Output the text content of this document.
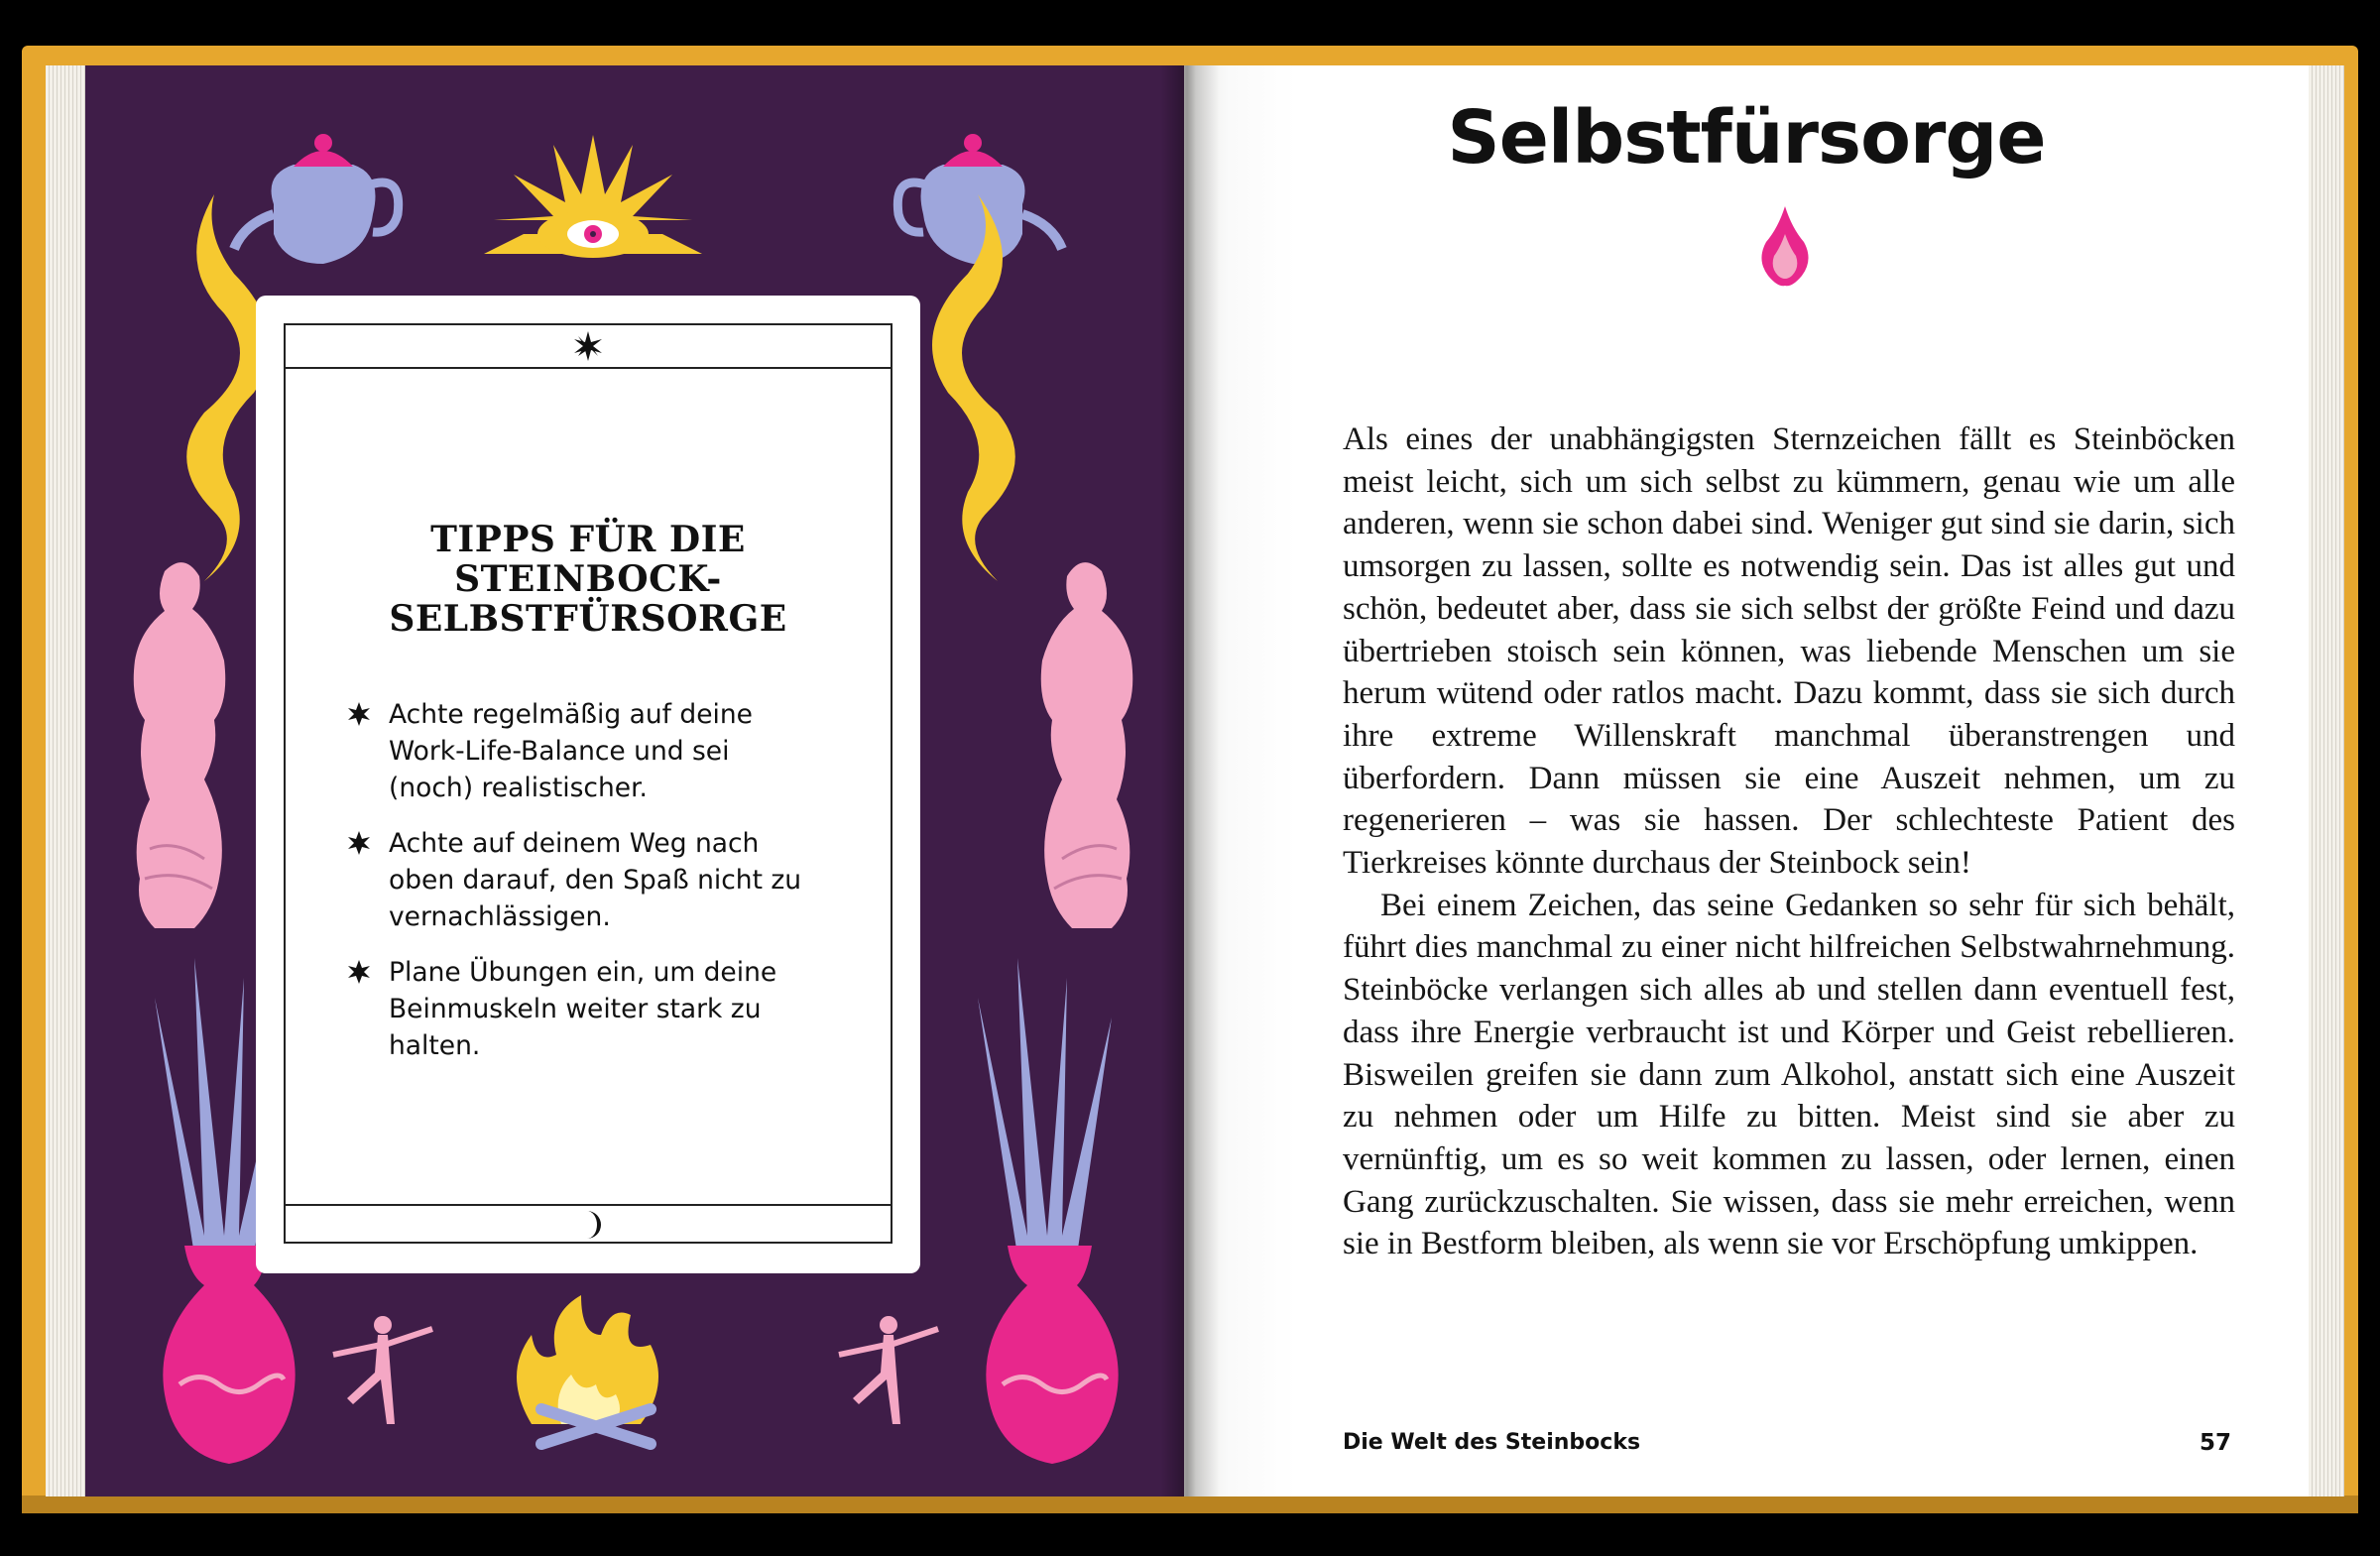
TIPPS FÜR DIE STEINBOCK-SELBSTFÜRSORGE
Achte regelmäßig auf deine Work-Life-Balance und sei (noch) realistischer.
Achte auf deinem Weg nach oben darauf, den Spaß nicht zu vernachlässigen.
Plane Übungen ein, um deine Beinmuskeln weiter stark zu halten.
Selbstfürsorge

Als eines der unabhängigsten Sternzeichen fällt es Steinböcken meist leicht, sich um sich selbst zu kümmern, genau wie um alle anderen, wenn sie schon dabei sind. Weniger gut sind sie darin, sich umsorgen zu lassen, sollte es notwendig sein. Das ist alles gut und schön, bedeutet aber, dass sie sich selbst der größte Feind und dazu übertrieben stoisch sein können, was liebende Menschen um sie herum wütend oder ratlos macht. Dazu kommt, dass sie sich durch ihre extreme Willenskraft manchmal überanstrengen und überfordern. Dann müssen sie eine Auszeit nehmen, um zu regenerieren – was sie hassen. Der schlechteste Patient des Tierkreises könnte durchaus der Steinbock sein!

Bei einem Zeichen, das seine Gedanken so sehr für sich behält, führt dies manchmal zu einer nicht hilfreichen Selbstwahrnehmung. Steinböcke verlangen sich alles ab und stellen dann eventuell fest, dass ihre Energie verbraucht ist und Körper und Geist rebellieren. Bisweilen greifen sie dann zum Alkohol, anstatt sich eine Auszeit zu nehmen oder um Hilfe zu bitten. Meist sind sie aber zu vernünftig, um es so weit kommen zu lassen, oder lernen, einen Gang zurückzuschalten. Sie wissen, dass sie mehr erreichen, wenn sie in Bestform bleiben, als wenn sie vor Erschöpfung umkippen.

Die Welt des Steinbocks	57
